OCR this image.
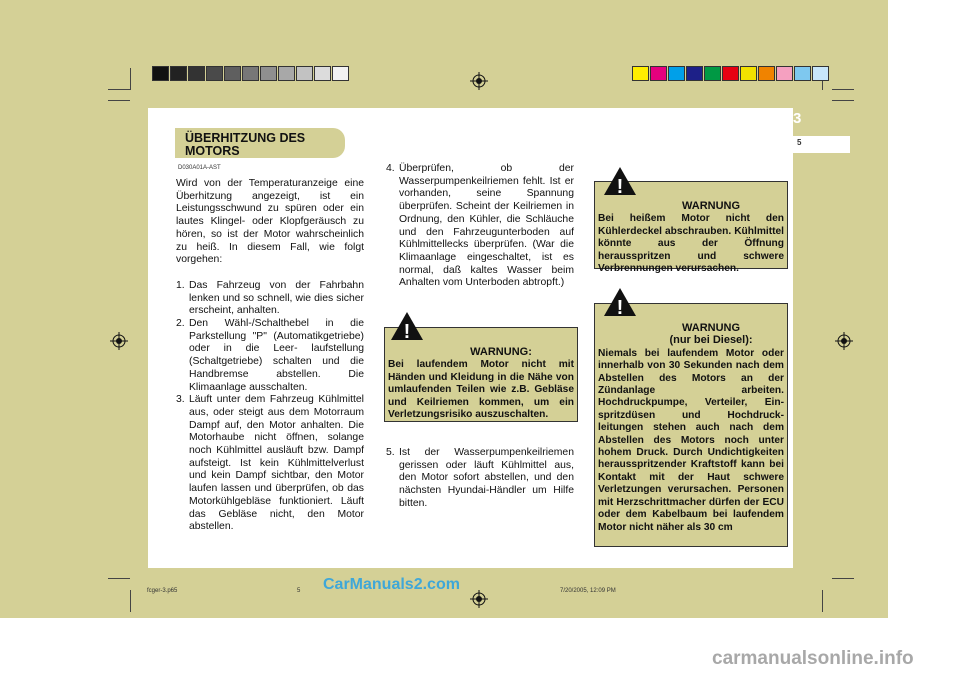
IM NOTFALL 3
5
ÜBERHITZUNG DES MOTORS
D030A01A-AST

Wird von der Temperaturanzeige eine Überhitzung angezeigt, ist ein Leistungsschwund zu spüren oder ein lautes Klingel- oder Klopfgeräusch zu hören, so ist der Motor wahrscheinlich zu heiß. In diesem Fall, wie folgt vorgehen:

1. Das Fahrzeug von der Fahrbahn lenken und so schnell, wie dies sicher erscheint, anhalten.
2. Den Wähl-/Schalthebel in die Parkstellung "P" (Automatikgetriebe) oder in die Leer- laufstellung (Schaltgetriebe) schalten und die Handbremse abstellen. Die Klimaanlage ausschalten.
3. Läuft unter dem Fahrzeug Kühlmittel aus, oder steigt aus dem Motorraum Dampf auf, den Motor anhalten. Die Motorhaube nicht öffnen, solange noch Kühlmittel ausläuft bzw. Dampf aufsteigt. Ist kein Kühlmittelverlust und kein Dampf sichtbar, den Motor laufen lassen und überprüfen, ob das Motorkühlgebläse funktioniert. Läuft das Gebläse nicht, den Motor abstellen.
4. Überprüfen, ob der Wasserpumpenkeilriemen fehlt. Ist er vorhanden, seine Spannung überprüfen. Scheint der Keilriemen in Ordnung, den Kühler, die Schläuche und den Fahrzeugunterboden auf Kühlmittellecks überprüfen. (War die Klimaanlage eingeschaltet, ist es normal, daß kaltes Wasser beim Anhalten vom Unterboden abtropft.)
WARNUNG:
Bei laufendem Motor nicht mit Händen und Kleidung in die Nähe von umlaufenden Teilen wie z.B. Gebläse und Keilriemen kommen, um ein Verletzungsrisiko auszuschalten.
!
5. Ist der Wasserpumpenkeilriemen gerissen oder läuft Kühlmittel aus, den Motor sofort abstellen, und den nächsten Hyundai-Händler um Hilfe bitten.
WARNUNG
Bei heißem Motor nicht den Kühlerdeckel abschrauben. Kühlmittel könnte aus der Öffnung herausspritzen und schwere Verbrennungen verursachen.
!
WARNUNG
(nur bei Diesel):
Niemals bei laufendem Motor oder innerhalb von 30 Sekunden nach dem Abstellen des Motors an der Zündanlage arbeiten. Hochdruckpumpe, Verteiler, Ein- spritzdüsen und Hochdruck- leitungen stehen auch nach dem Abstellen des Motors noch unter hohem Druck. Durch Undichtigkeiten herausspritzender Kraftstoff kann bei Kontakt mit der Haut schwere Verletzungen verursachen. Personen mit Herzschrittmacher dürfen der ECU oder dem Kabelbaum bei laufendem Motor nicht näher als 30 cm
!
fcger-3.p65	5	7/20/2005, 12:09 PM
CarManuals2.com
carmanualsonline.info
